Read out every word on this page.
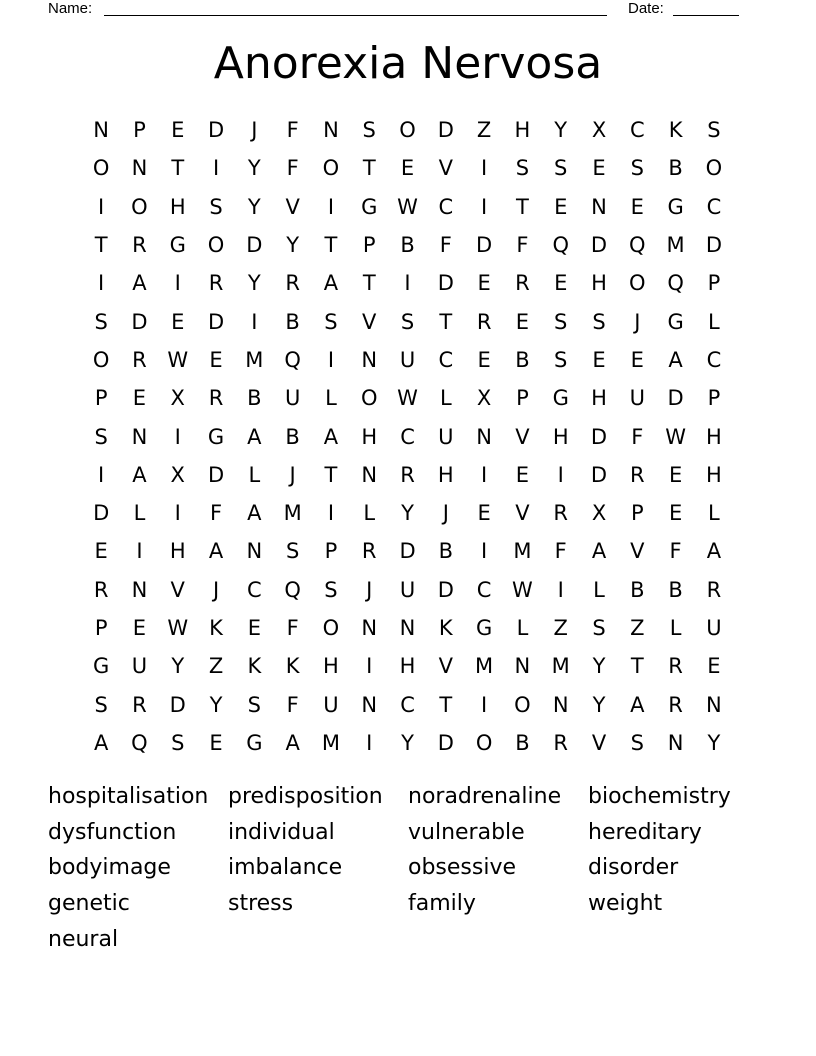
Name:	Date:
Anorexia Nervosa
N	P	E	D	J	F	N	S	O	D	Z	H	Y	X	C	K	S
O	N	T	I	Y	F	O	T	E	V	I	S	S	E	S	B	O
I	O	H	S	Y	V	I	G W C	I	T	E	N	E	G	C
T	R	G	O	D	Y	T	P	B	F	D	F	Q	D	Q M	D
I	A	I	R	Y	R	A	T	I	D	E	R	E	H	O	Q	P
S	D	E	D	I	B	S	V	S	T	R	E	S	S	J	G	L
O	R W	E	M Q	I	N	U	C	E	B	S	E	E	A	C
P	E	X	R	B	U	L	O W	L	X	P	G	H	U	D	P
S	N	I	G	A	B	A	H	C	U	N	V	H	D	F	W H
I	A	X	D	L	J	T	N	R	H	I	E	I	D	R	E	H
D	L	I	F	A	M	I	L	Y	J	E	V	R	X	P	E	L
E	I	H	A	N	S	P	R	D	B	I	M	F	A	V	F	A
R	N	V	J	C	Q	S	J	U	D	C W	I	L	B	B	R
P	E	W	K	E	F	O	N	N	K	G	L	Z	S	Z	L	U
G	U	Y	Z	K	K	H	I	H	V	M	N	M	Y	T	R	E
S	R	D	Y	S	F	U	N	C	T	I	O	N	Y	A	R	N
A	Q	S	E	G	A	M	I	Y	D	O	B	R	V	S	N	Y
hospitalisation predisposition	noradrenaline	biochemistry
dysfunction	individual	vulnerable	hereditary
bodyimage	imbalance	obsessive	disorder
genetic	stress	family	weight
neural
